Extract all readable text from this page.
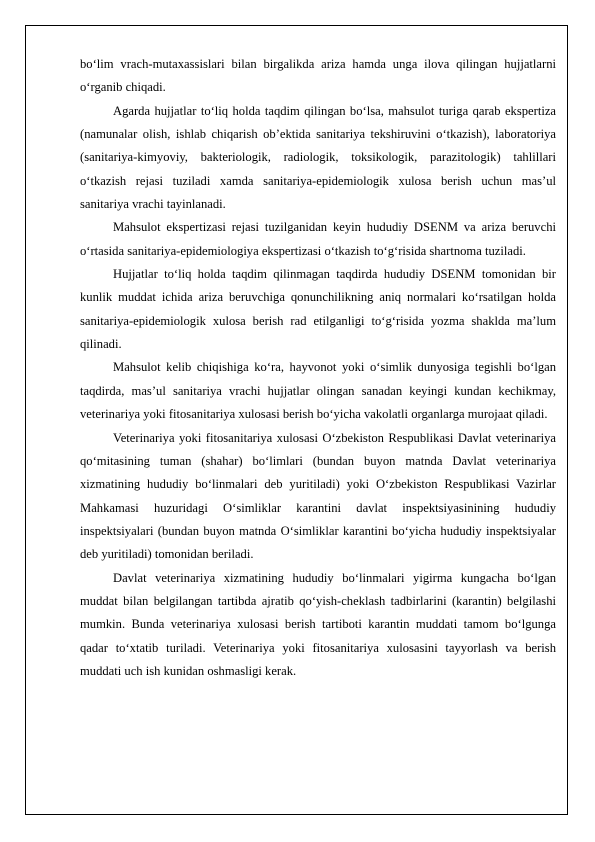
bo‘lim vrach-mutaxassislari bilan birgalikda ariza hamda unga ilova qilingan hujjatlarni o‘rganib chiqadi.

Agarda hujjatlar to‘liq holda taqdim qilingan bo‘lsa, mahsulot turiga qarab ekspertiza (namunalar olish, ishlab chiqarish ob’ektida sanitariya tekshiruvini o‘tkazish), laboratoriya (sanitariya-kimyoviy, bakteriologik, radiologik, toksikologik, parazitologik) tahlillari o‘tkazish rejasi tuziladi xamda sanitariya-epidemiologik xulosa berish uchun mas’ul sanitariya vrachi tayinlanadi.

Mahsulot ekspertizasi rejasi tuzilganidan keyin hududiy DSENM va ariza beruvchi o‘rtasida sanitariya-epidemiologiya ekspertizasi o‘tkazish to‘g‘risida shartnoma tuziladi.

Hujjatlar to‘liq holda taqdim qilinmagan taqdirda hududiy DSENM tomonidan bir kunlik muddat ichida ariza beruvchiga qonunchilikning aniq normalari ko‘rsatilgan holda sanitariya-epidemiologik xulosa berish rad etilganligi to‘g‘risida yozma shaklda ma’lum qilinadi.

Mahsulot kelib chiqishiga ko‘ra, hayvonot yoki o‘simlik dunyosiga tegishli bo‘lgan taqdirda, mas’ul sanitariya vrachi hujjatlar olingan sanadan keyingi kundan kechikmay, veterinariya yoki fitosanitariya xulosasi berish bo‘yicha vakolatli organlarga murojaat qiladi.

Veterinariya yoki fitosanitariya xulosasi O‘zbekiston Respublikasi Davlat veterinariya qo‘mitasining tuman (shahar) bo‘limlari (bundan buyon matnda Davlat veterinariya xizmatining hududiy bo‘linmalari deb yuritiladi) yoki O‘zbekiston Respublikasi Vazirlar Mahkamasi huzuridagi O‘simliklar karantini davlat inspektsiyasinining hududiy inspektsiyalari (bundan buyon matnda O‘simliklar karantini bo‘yicha hududiy inspektsiyalar deb yuritiladi) tomonidan beriladi.

Davlat veterinariya xizmatining hududiy bo‘linmalari yigirma kungacha bo‘lgan muddat bilan belgilangan tartibda ajratib qo‘yish-cheklash tadbirlarini (karantin) belgilashi mumkin. Bunda veterinariya xulosasi berish tartiboti karantin muddati tamom bo‘lgunga qadar to‘xtatib turiladi. Veterinariya yoki fitosanitariya xulosasini tayyorlash va berish muddati uch ish kunidan oshmasligi kerak.
